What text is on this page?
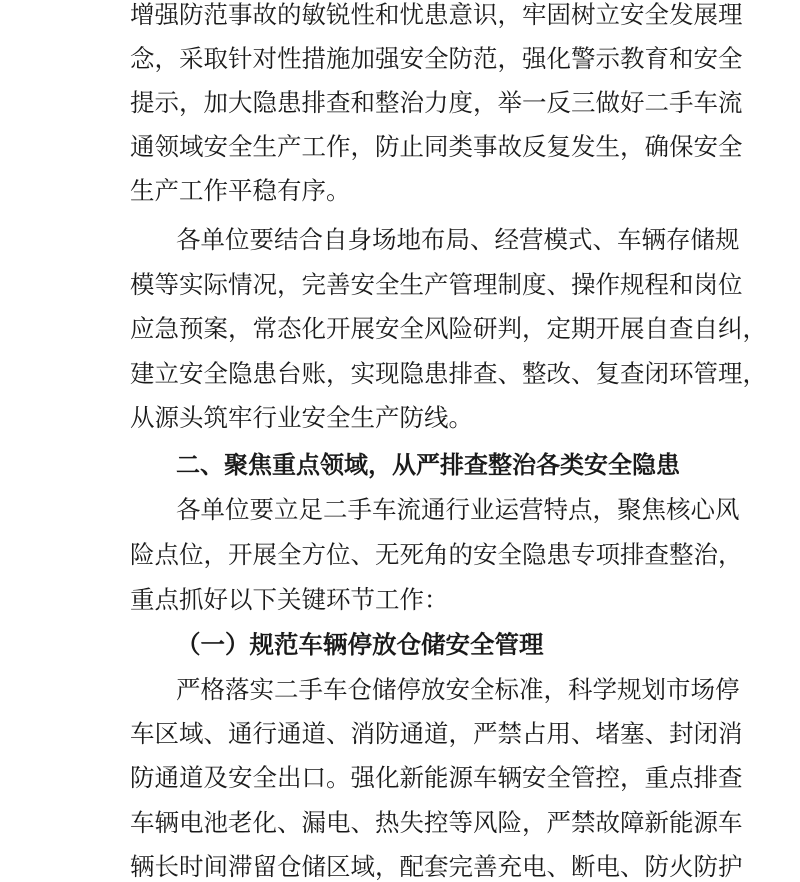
增强防范事故的敏锐性和忧患意识，牢固树立安全发展理
念，采取针对性措施加强安全防范，强化警示教育和安全
提示，加大隐患排查和整治力度，举一反三做好二手车流
通领域安全生产工作，防止同类事故反复发生，确保安全
生产工作平稳有序。
各单位要结合自身场地布局、经营模式、车辆存储规
模等实际情况，完善安全生产管理制度、操作规程和岗位
应急预案，常态化开展安全风险研判，定期开展自查自纠，
建立安全隐患台账，实现隐患排查、整改、复查闭环管理，
从源头筑牢行业安全生产防线。
二、聚焦重点领域，从严排查整治各类安全隐患
各单位要立足二手车流通行业运营特点，聚焦核心风
险点位，开展全方位、无死角的安全隐患专项排查整治，
重点抓好以下关键环节工作：
（一）规范车辆停放仓储安全管理
严格落实二手车仓储停放安全标准，科学规划市场停
车区域、通行通道、消防通道，严禁占用、堵塞、封闭消
防通道及安全出口。强化新能源车辆安全管控，重点排查
车辆电池老化、漏电、热失控等风险，严禁故障新能源车
辆长时间滞留仓储区域，配套完善充电、断电、防火防护
